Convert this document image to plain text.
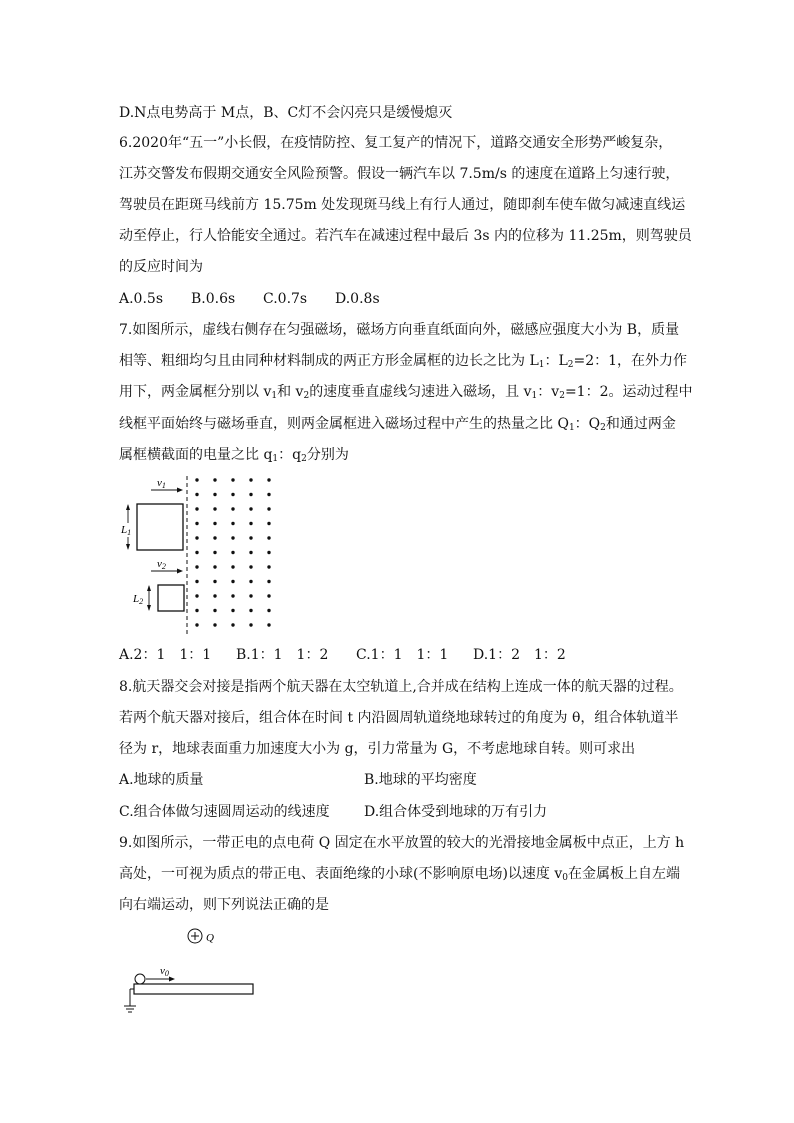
D.N点电势高于 M点，B、C灯不会闪亮只是缓慢熄灭
6.2020年“五一”小长假，在疫情防控、复工复产的情况下，道路交通安全形势严峻复杂，
江苏交警发布假期交通安全风险预警。假设一辆汽车以 7.5m/s 的速度在道路上匀速行驶，
驾驶员在距斑马线前方 15.75m 处发现斑马线上有行人通过，随即刹车使车做匀减速直线运
动至停止，行人恰能安全通过。若汽车在减速过程中最后 3s 内的位移为 11.25m，则驾驶员
的反应时间为
A.0.5s B.0.6s C.0.7s D.0.8s
7.如图所示，虚线右侧存在匀强磁场，磁场方向垂直纸面向外，磁感应强度大小为 B，质量
相等、粗细均匀且由同种材料制成的两正方形金属框的边长之比为 $L_1$：$L_2=2$：1，在外力作
用下，两金属框分别以 $v_1$和 $v_2$的速度垂直虚线匀速进入磁场，且 $v_1$：$v_2=1$：2。运动过程中
线框平面始终与磁场垂直，则两金属框进入磁场过程中产生的热量之比 $Q_1$：$Q_2$和通过两金
属框横截面的电量之比 $q_1$：$q_2$分别为
v1
v2
L1
L2
A.2：1　1：1 B.1：1　1：2 C.1：1　1：1 D.1：2　1：2
8.航天器交会对接是指两个航天器在太空轨道上,合并成在结构上连成一体的航天器的过程。
若两个航天器对接后，组合体在时间 t 内沿圆周轨道绕地球转过的角度为 θ，组合体轨道半
径为 r，地球表面重力加速度大小为 g，引力常量为 G，不考虑地球自转。则可求出
A.地球的质量	B.地球的平均密度
C.组合体做匀速圆周运动的线速度 D.组合体受到地球的万有引力
9.如图所示，一带正电的点电荷 Q 固定在水平放置的较大的光滑接地金属板中点正，上方 h
高处，一可视为质点的带正电、表面绝缘的小球(不影响原电场)以速度 $v_0$在金属板上自左端
向右端运动，则下列说法正确的是
Q
v0
